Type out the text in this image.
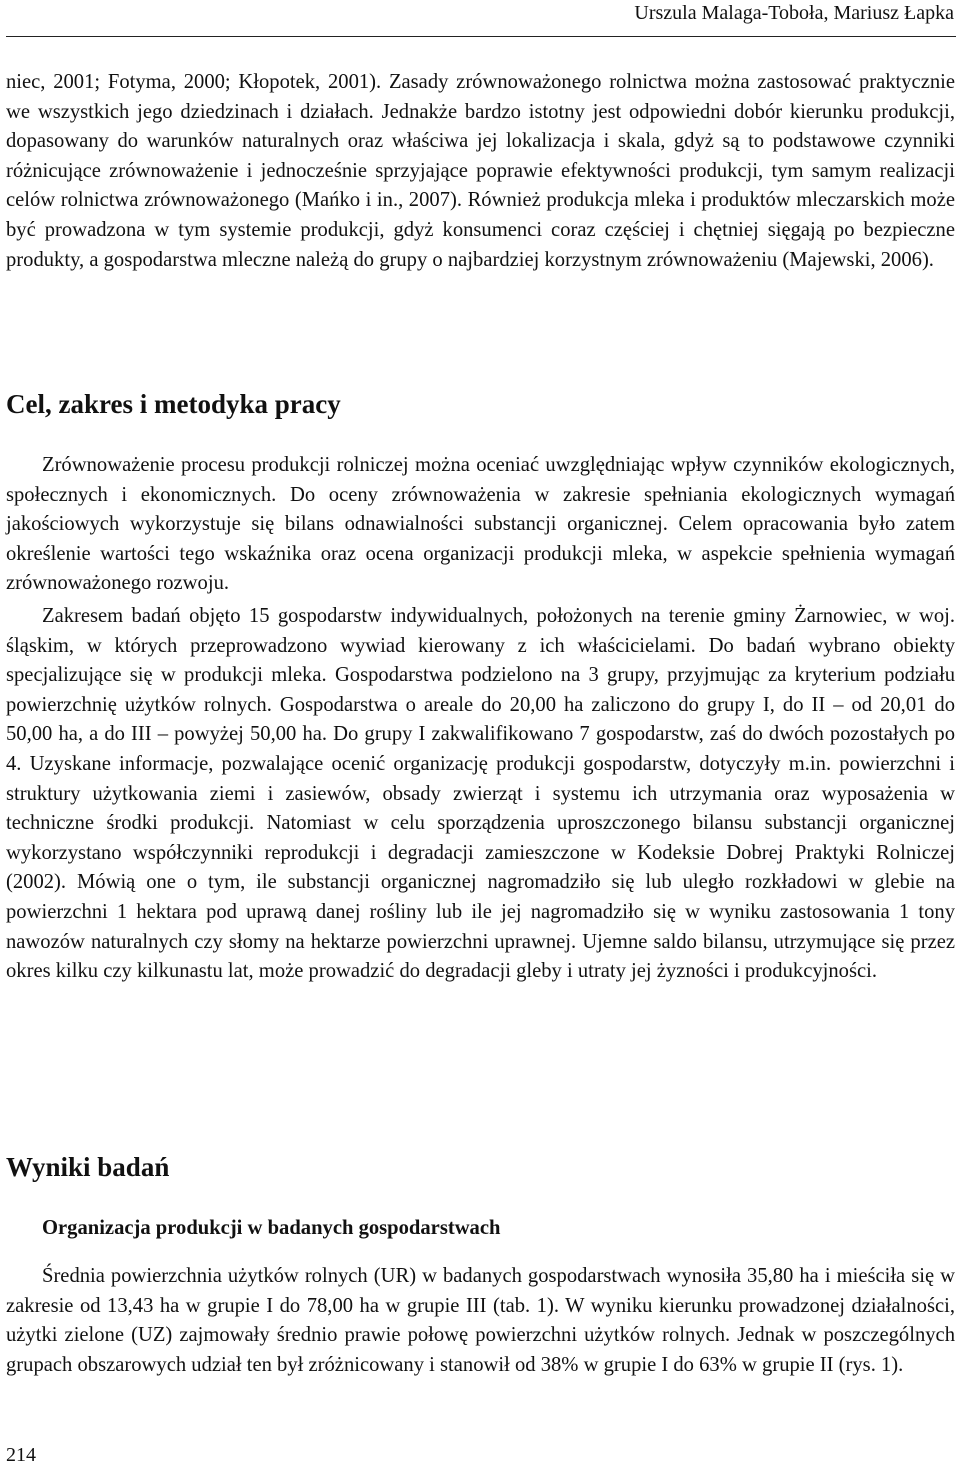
Urszula Malaga-Toboła, Mariusz Łapka

niec, 2001; Fotyma, 2000; Kłopotek, 2001). Zasady zrównoważonego rolnictwa można zastosować praktycznie we wszystkich jego dziedzinach i działach. Jednakże bardzo istotny jest odpowiedni dobór kierunku produkcji, dopasowany do warunków naturalnych oraz właściwa jej lokalizacja i skala, gdyż są to podstawowe czynniki różnicujące zrównoważenie i jednocześnie sprzyjające poprawie efektywności produkcji, tym samym realizacji celów rolnictwa zrównoważonego (Mańko i in., 2007). Również produkcja mleka i produktów mleczarskich może być prowadzona w tym systemie produkcji, gdyż konsumenci coraz częściej i chętniej sięgają po bezpieczne produkty, a gospodarstwa mleczne należą do grupy o najbardziej korzystnym zrównoważeniu (Majewski, 2006).

Cel, zakres i metodyka pracy

Zrównoważenie procesu produkcji rolniczej można oceniać uwzględniając wpływ czynników ekologicznych, społecznych i ekonomicznych. Do oceny zrównoważenia w zakresie spełniania ekologicznych wymagań jakościowych wykorzystuje się bilans odnawialności substancji organicznej. Celem opracowania było zatem określenie wartości tego wskaźnika oraz ocena organizacji produkcji mleka, w aspekcie spełnienia wymagań zrównoważonego rozwoju.

Zakresem badań objęto 15 gospodarstw indywidualnych, położonych na terenie gminy Żarnowiec, w woj. śląskim, w których przeprowadzono wywiad kierowany z ich właścicielami. Do badań wybrano obiekty specjalizujące się w produkcji mleka. Gospodarstwa podzielono na 3 grupy, przyjmując za kryterium podziału powierzchnię użytków rolnych. Gospodarstwa o areale do 20,00 ha zaliczono do grupy I, do II – od 20,01 do 50,00 ha, a do III – powyżej 50,00 ha. Do grupy I zakwalifikowano 7 gospodarstw, zaś do dwóch pozostałych po 4. Uzyskane informacje, pozwalające ocenić organizację produkcji gospodarstw, dotyczyły m.in. powierzchni i struktury użytkowania ziemi i zasiewów, obsady zwierząt i systemu ich utrzymania oraz wyposażenia w techniczne środki produkcji. Natomiast w celu sporządzenia uproszczonego bilansu substancji organicznej wykorzystano współczynniki reprodukcji i degradacji zamieszczone w Kodeksie Dobrej Praktyki Rolniczej (2002). Mówią one o tym, ile substancji organicznej nagromadziło się lub uległo rozkładowi w glebie na powierzchni 1 hektara pod uprawą danej rośliny lub ile jej nagromadziło się w wyniku zastosowania 1 tony nawozów naturalnych czy słomy na hektarze powierzchni uprawnej. Ujemne saldo bilansu, utrzymujące się przez okres kilku czy kilkunastu lat, może prowadzić do degradacji gleby i utraty jej żyzności i produkcyjności.

Wyniki badań
Organizacja produkcji w badanych gospodarstwach

Średnia powierzchnia użytków rolnych (UR) w badanych gospodarstwach wynosiła 35,80 ha i mieściła się w zakresie od 13,43 ha w grupie I do 78,00 ha w grupie III (tab. 1). W wyniku kierunku prowadzonej działalności, użytki zielone (UZ) zajmowały średnio prawie połowę powierzchni użytków rolnych. Jednak w poszczególnych grupach obszarowych udział ten był zróżnicowany i stanowił od 38% w grupie I do 63% w grupie II (rys. 1).

214
